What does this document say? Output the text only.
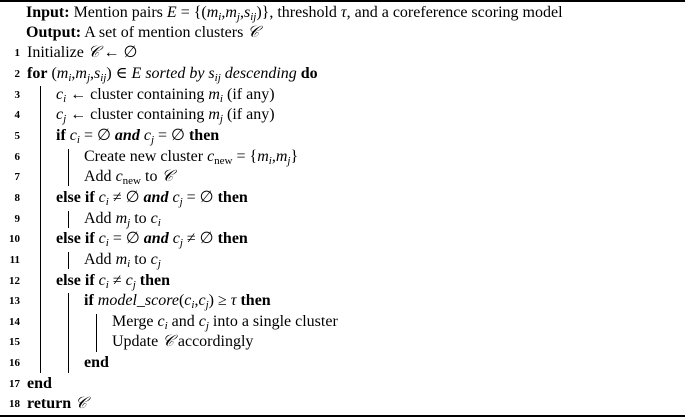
Input: Mention pairs $E = \{(m_i,m_j,s_{ij})\}$, threshold τ, and a coreference scoring model
Output: A set of mention clusters 𝒞
1 Initialize 𝒞 ← ∅
2 for $(m_i,m_j,s_{ij})$ ∈ E sorted by $s_{ij}$ descending do
3 $c_i$ ← cluster containing $m_i$ (if any)
4 $c_j$ ← cluster containing $m_j$ (if any)
5 if $c_i$ = ∅ and $c_j$ = ∅ then
6	Create new cluster $c_{new} = \{m_i,m_j\}$
7	Add $c_{new}$ to 𝒞
8 else if $c_i$ ≠ ∅ and $c_j$ = ∅ then
9	Add $m_j$ to $c_i$
10 else if $c_i$ = ∅ and $c_j$ ≠ ∅ then
11	Add $m_i$ to $c_j$
12 else if $c_i \ne c_j$ then
13	if $model\_score(c_i,c_j) \ge \tau$ then
14	Merge $c_i$ and $c_j$ into a single cluster
15	Update 𝒞 accordingly
16	end
17 end
18 return 𝒞
